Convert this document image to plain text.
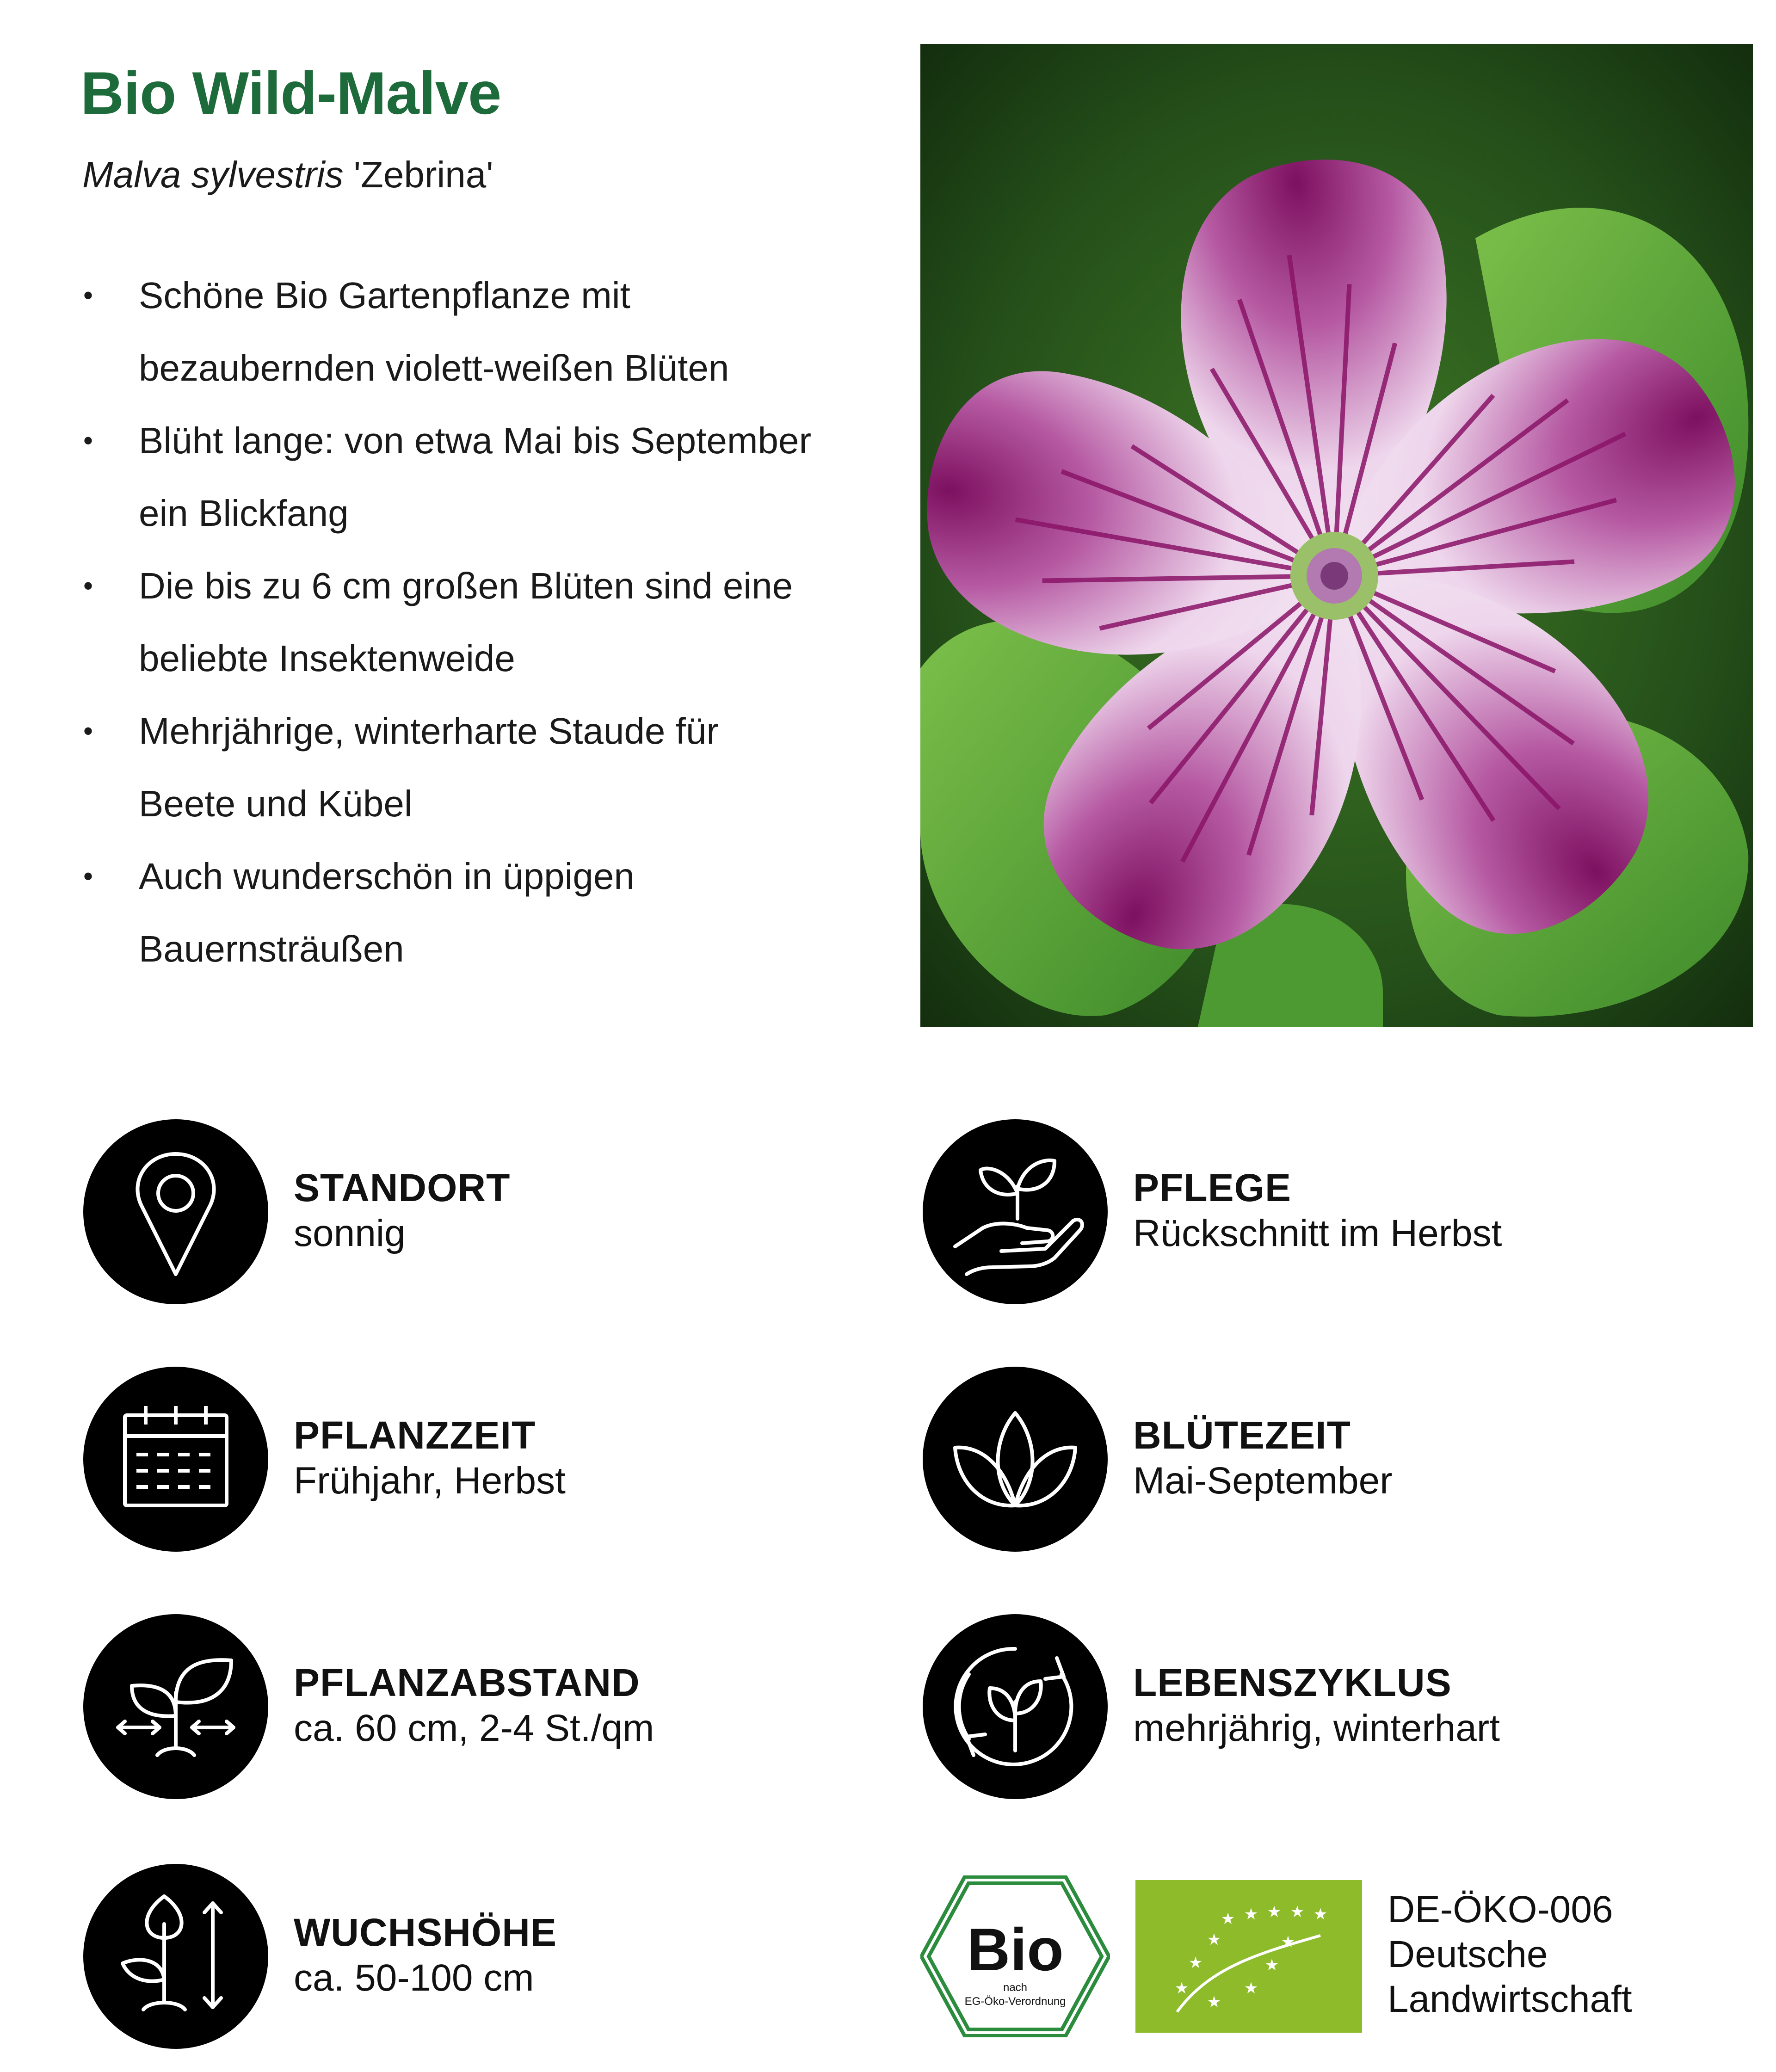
Bio Wild-Malve
Malva sylvestris 'Zebrina'
• Schöne Bio Gartenpflanze mit
bezaubernden violett-weißen Blüten
• Blüht lange: von etwa Mai bis September
ein Blickfang
• Die bis zu 6 cm großen Blüten sind eine
beliebte Insektenweide
• Mehrjährige, winterharte Staude für
Beete und Kübel
• Auch wunderschön in üppigen
Bauernsträußen
STANDORT
sonnig
PFLANZZEIT
Frühjahr, Herbst
PFLANZABSTAND
ca. 60 cm, 2-4 St./qm
WUCHSHÖHE
ca. 50-100 cm
PFLEGE
Rückschnitt im Herbst
BLÜTEZEIT
Mai-September
LEBENSZYKLUS
mehrjährig, winterhart
Bio
nach
EG-Öko-Verordnung
★ ★ ★ ★ ★
★	★
★	★
★	★
★
DE-ÖKO-006
Deutsche
Landwirtschaft
